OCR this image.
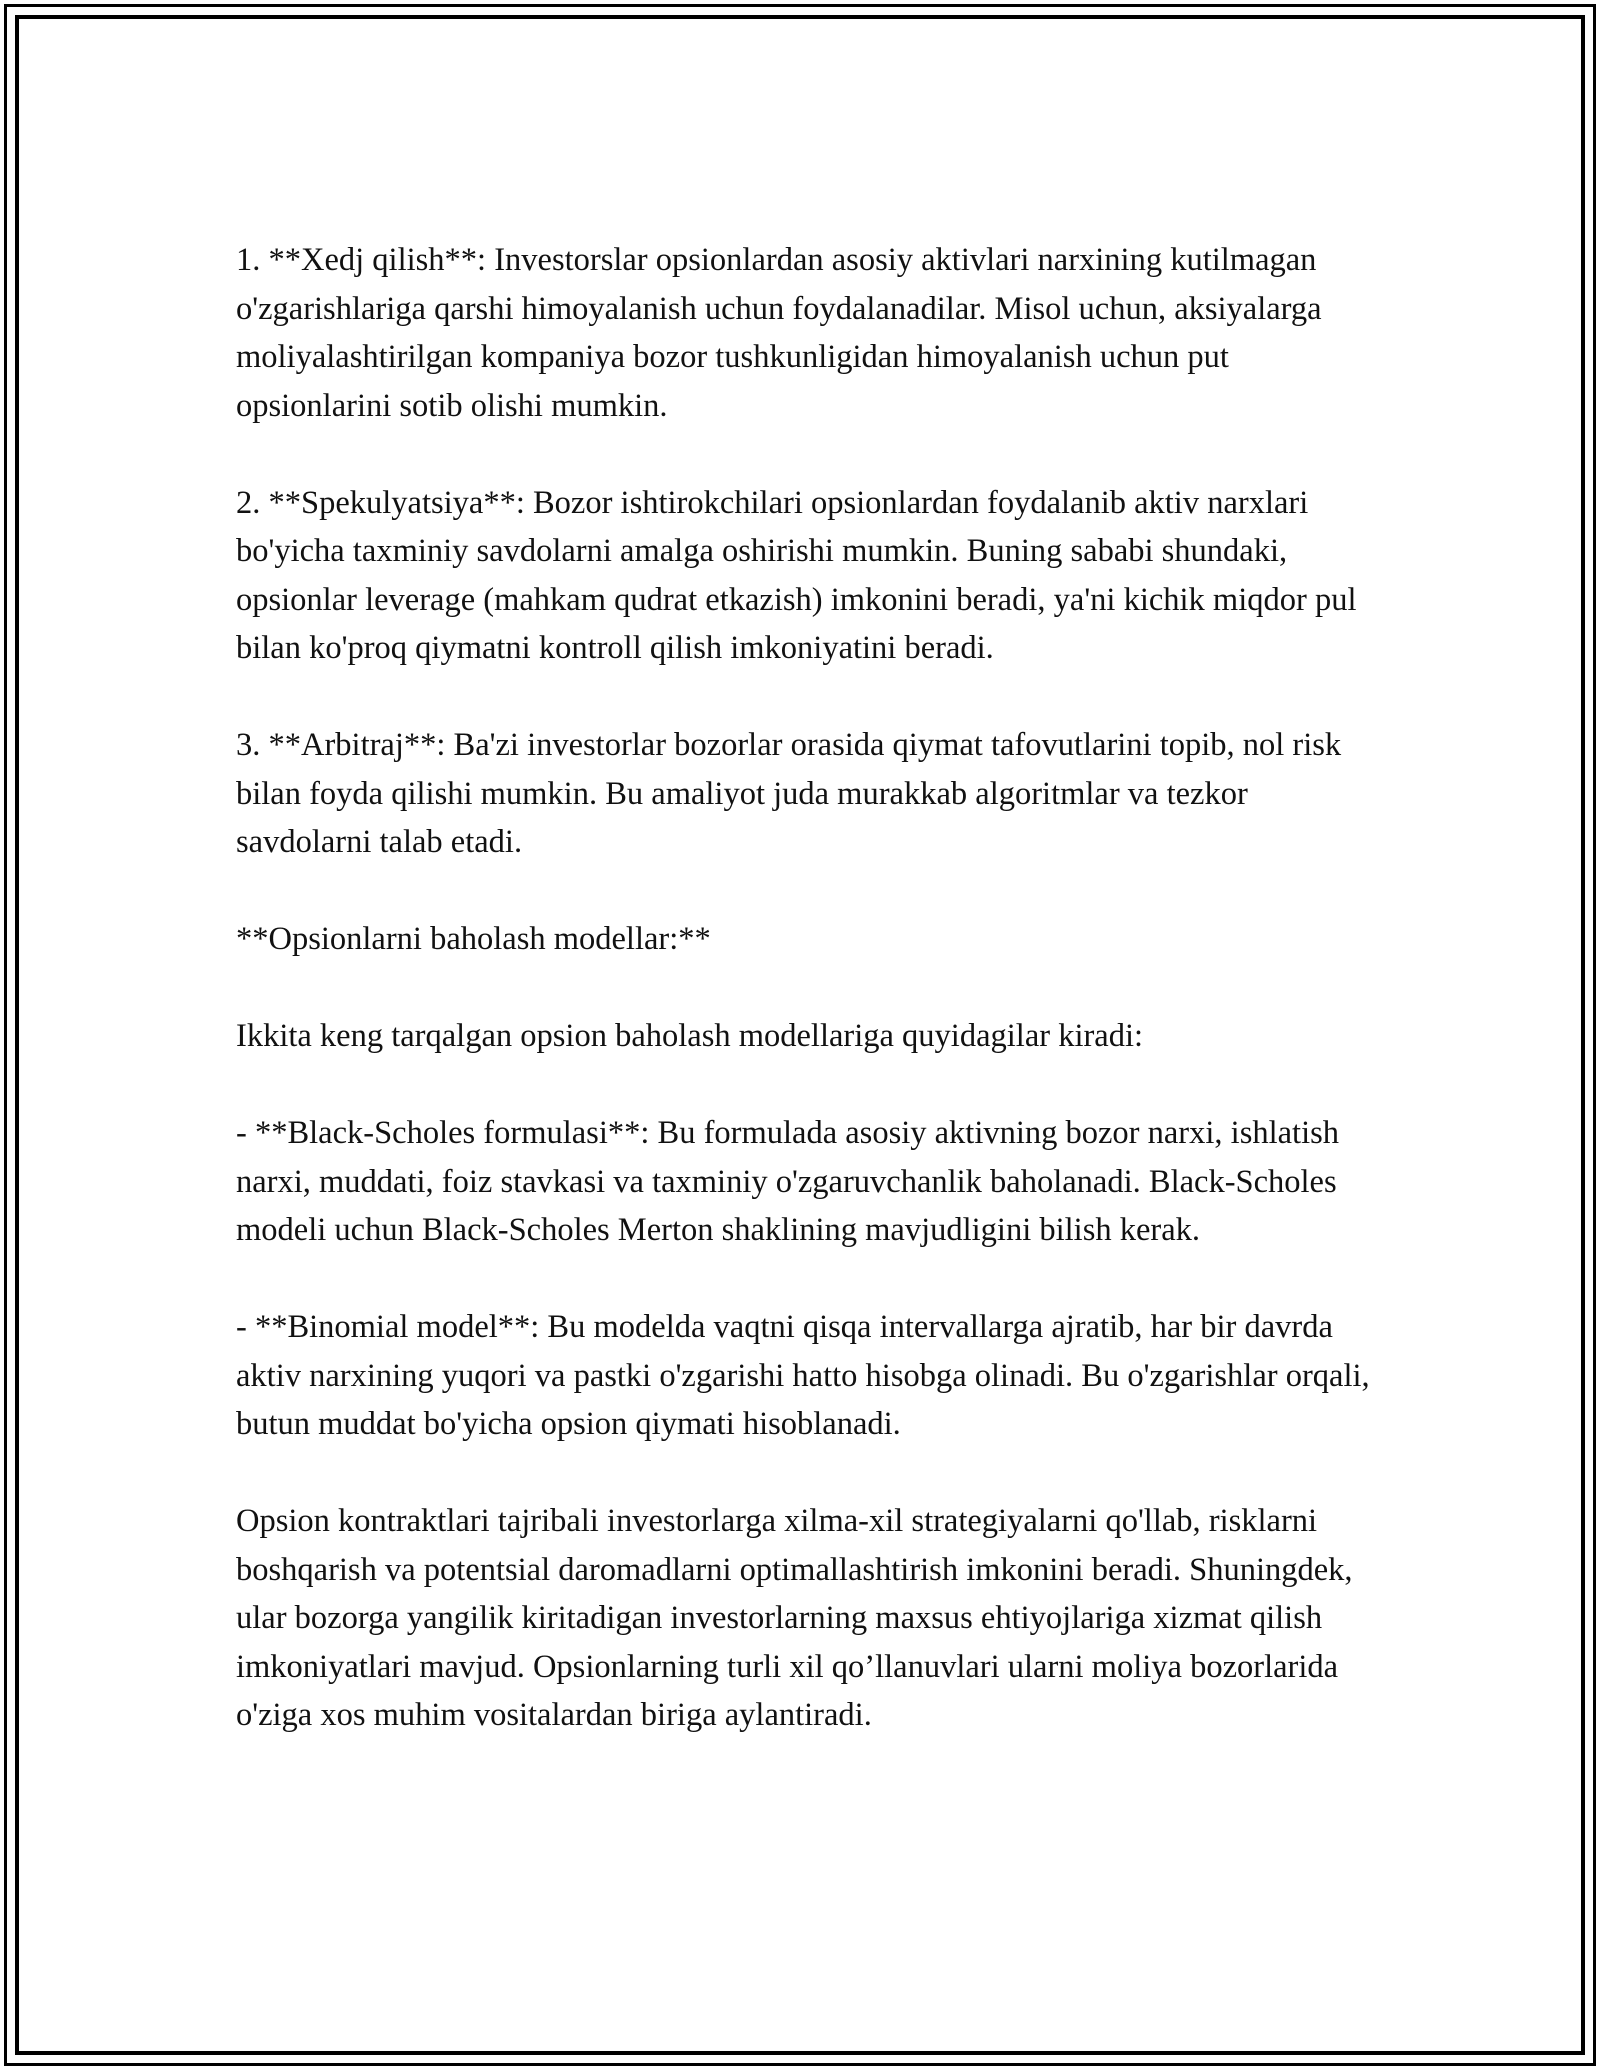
1. **Xedj qilish**: Investorslar opsionlardan asosiy aktivlari narxining kutilmagan o'zgarishlariga qarshi himoyalanish uchun foydalanadilar. Misol uchun, aksiyalarga moliyalashtirilgan kompaniya bozor tushkunligidan himoyalanish uchun put opsionlarini sotib olishi mumkin.

2. **Spekulyatsiya**: Bozor ishtirokchilari opsionlardan foydalanib aktiv narxlari bo'yicha taxminiy savdolarni amalga oshirishi mumkin. Buning sababi shundaki, opsionlar leverage (mahkam qudrat etkazish) imkonini beradi, ya'ni kichik miqdor pul bilan ko'proq qiymatni kontroll qilish imkoniyatini beradi.

3. **Arbitraj**: Ba'zi investorlar bozorlar orasida qiymat tafovutlarini topib, nol risk bilan foyda qilishi mumkin. Bu amaliyot juda murakkab algoritmlar va tezkor savdolarni talab etadi.

**Opsionlarni baholash modellar:**

Ikkita keng tarqalgan opsion baholash modellariga quyidagilar kiradi:

- **Black-Scholes formulasi**: Bu formulada asosiy aktivning bozor narxi, ishlatish narxi, muddati, foiz stavkasi va taxminiy o'zgaruvchanlik baholanadi. Black-Scholes modeli uchun Black-Scholes Merton shaklining mavjudligini bilish kerak.

- **Binomial model**: Bu modelda vaqtni qisqa intervallarga ajratib, har bir davrda aktiv narxining yuqori va pastki o'zgarishi hatto hisobga olinadi. Bu o'zgarishlar orqali, butun muddat bo'yicha opsion qiymati hisoblanadi.

Opsion kontraktlari tajribali investorlarga xilma-xil strategiyalarni qo'llab, risklarni boshqarish va potentsial daromadlarni optimallashtirish imkonini beradi. Shuningdek, ular bozorga yangilik kiritadigan investorlarning maxsus ehtiyojlariga xizmat qilish imkoniyatlari mavjud. Opsionlarning turli xil qo’llanuvlari ularni moliya bozorlarida o'ziga xos muhim vositalardan biriga aylantiradi.
